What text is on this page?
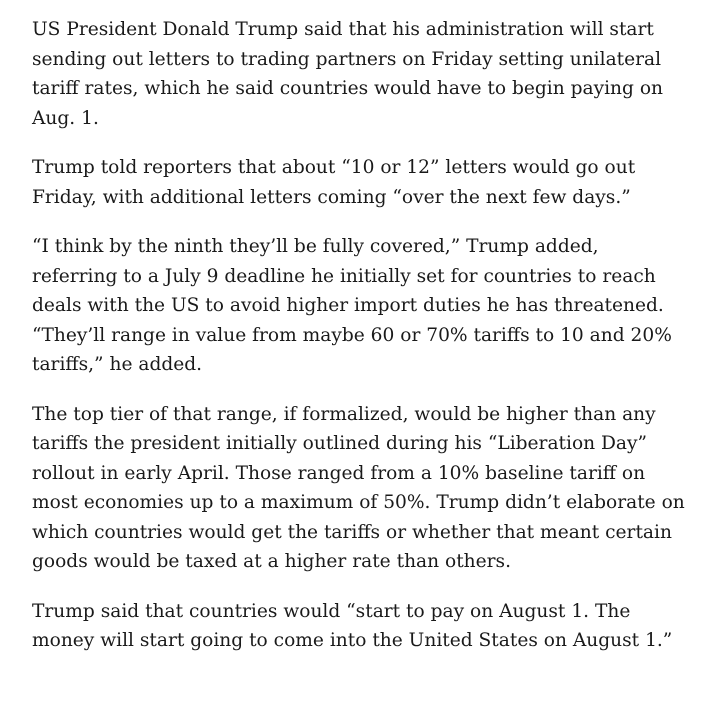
US President Donald Trump said that his administration will start sending out letters to trading partners on Friday setting unilateral tariff rates, which he said countries would have to begin paying on Aug. 1.

Trump told reporters that about “10 or 12” letters would go out Friday, with additional letters coming “over the next few days.”

“I think by the ninth they’ll be fully covered,” Trump added, referring to a July 9 deadline he initially set for countries to reach deals with the US to avoid higher import duties he has threatened. “They’ll range in value from maybe 60 or 70% tariffs to 10 and 20% tariffs,” he added.

The top tier of that range, if formalized, would be higher than any tariffs the president initially outlined during his “Liberation Day” rollout in early April. Those ranged from a 10% baseline tariff on most economies up to a maximum of 50%. Trump didn’t elaborate on which countries would get the tariffs or whether that meant certain goods would be taxed at a higher rate than others.

Trump said that countries would “start to pay on August 1. The money will start going to come into the United States on August 1.”
